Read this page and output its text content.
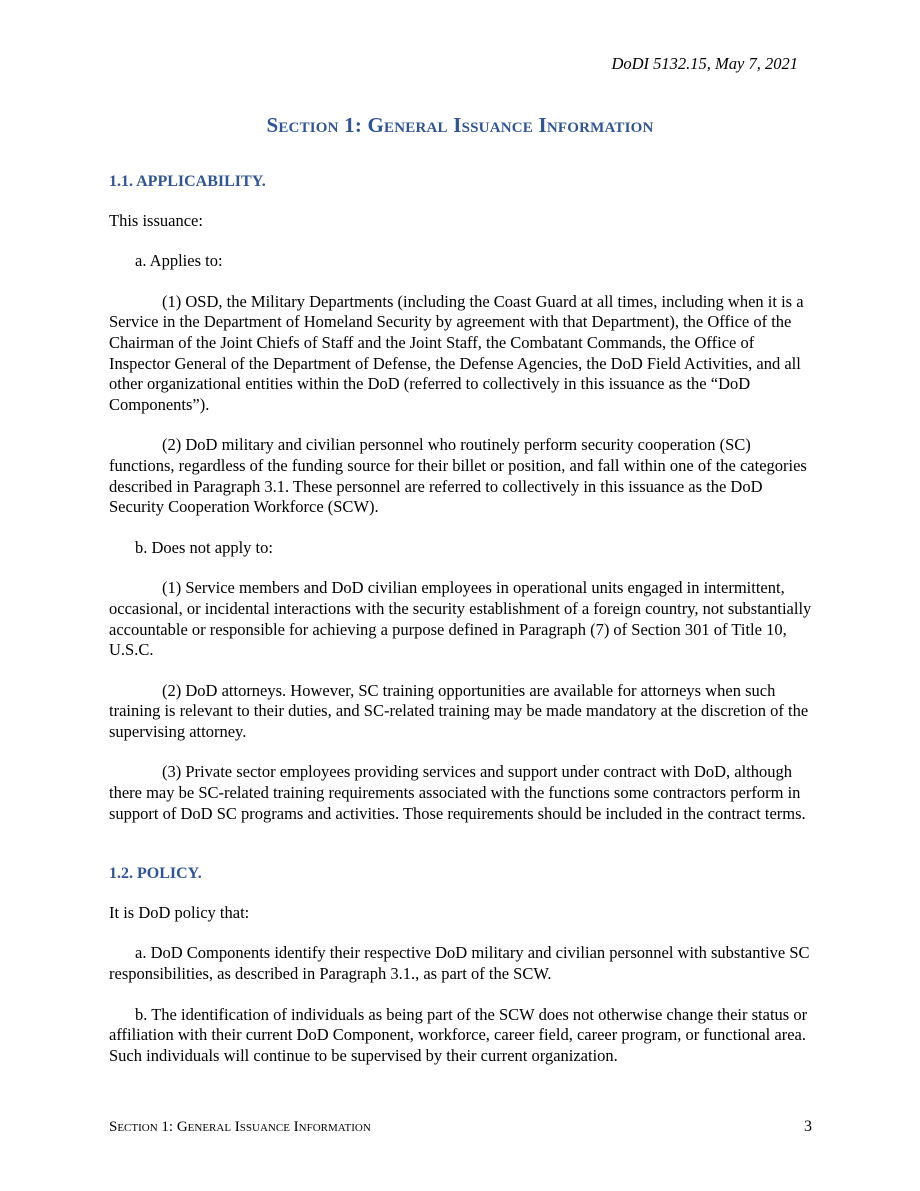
DoDI 5132.15, May 7, 2021
Section 1: General Issuance Information
1.1. APPLICABILITY.

This issuance:

a. Applies to:

(1) OSD, the Military Departments (including the Coast Guard at all times, including when it is a Service in the Department of Homeland Security by agreement with that Department), the Office of the Chairman of the Joint Chiefs of Staff and the Joint Staff, the Combatant Commands, the Office of Inspector General of the Department of Defense, the Defense Agencies, the DoD Field Activities, and all other organizational entities within the DoD (referred to collectively in this issuance as the “DoD Components”).

(2) DoD military and civilian personnel who routinely perform security cooperation (SC) functions, regardless of the funding source for their billet or position, and fall within one of the categories described in Paragraph 3.1. These personnel are referred to collectively in this issuance as the DoD Security Cooperation Workforce (SCW).

b. Does not apply to:

(1) Service members and DoD civilian employees in operational units engaged in intermittent, occasional, or incidental interactions with the security establishment of a foreign country, not substantially accountable or responsible for achieving a purpose defined in Paragraph (7) of Section 301 of Title 10, U.S.C.

(2) DoD attorneys. However, SC training opportunities are available for attorneys when such training is relevant to their duties, and SC-related training may be made mandatory at the discretion of the supervising attorney.

(3) Private sector employees providing services and support under contract with DoD, although there may be SC-related training requirements associated with the functions some contractors perform in support of DoD SC programs and activities. Those requirements should be included in the contract terms.

1.2. POLICY.

It is DoD policy that:

a. DoD Components identify their respective DoD military and civilian personnel with substantive SC responsibilities, as described in Paragraph 3.1., as part of the SCW.

b. The identification of individuals as being part of the SCW does not otherwise change their status or affiliation with their current DoD Component, workforce, career field, career program, or functional area. Such individuals will continue to be supervised by their current organization.

Section 1: General Issuance Information	3
